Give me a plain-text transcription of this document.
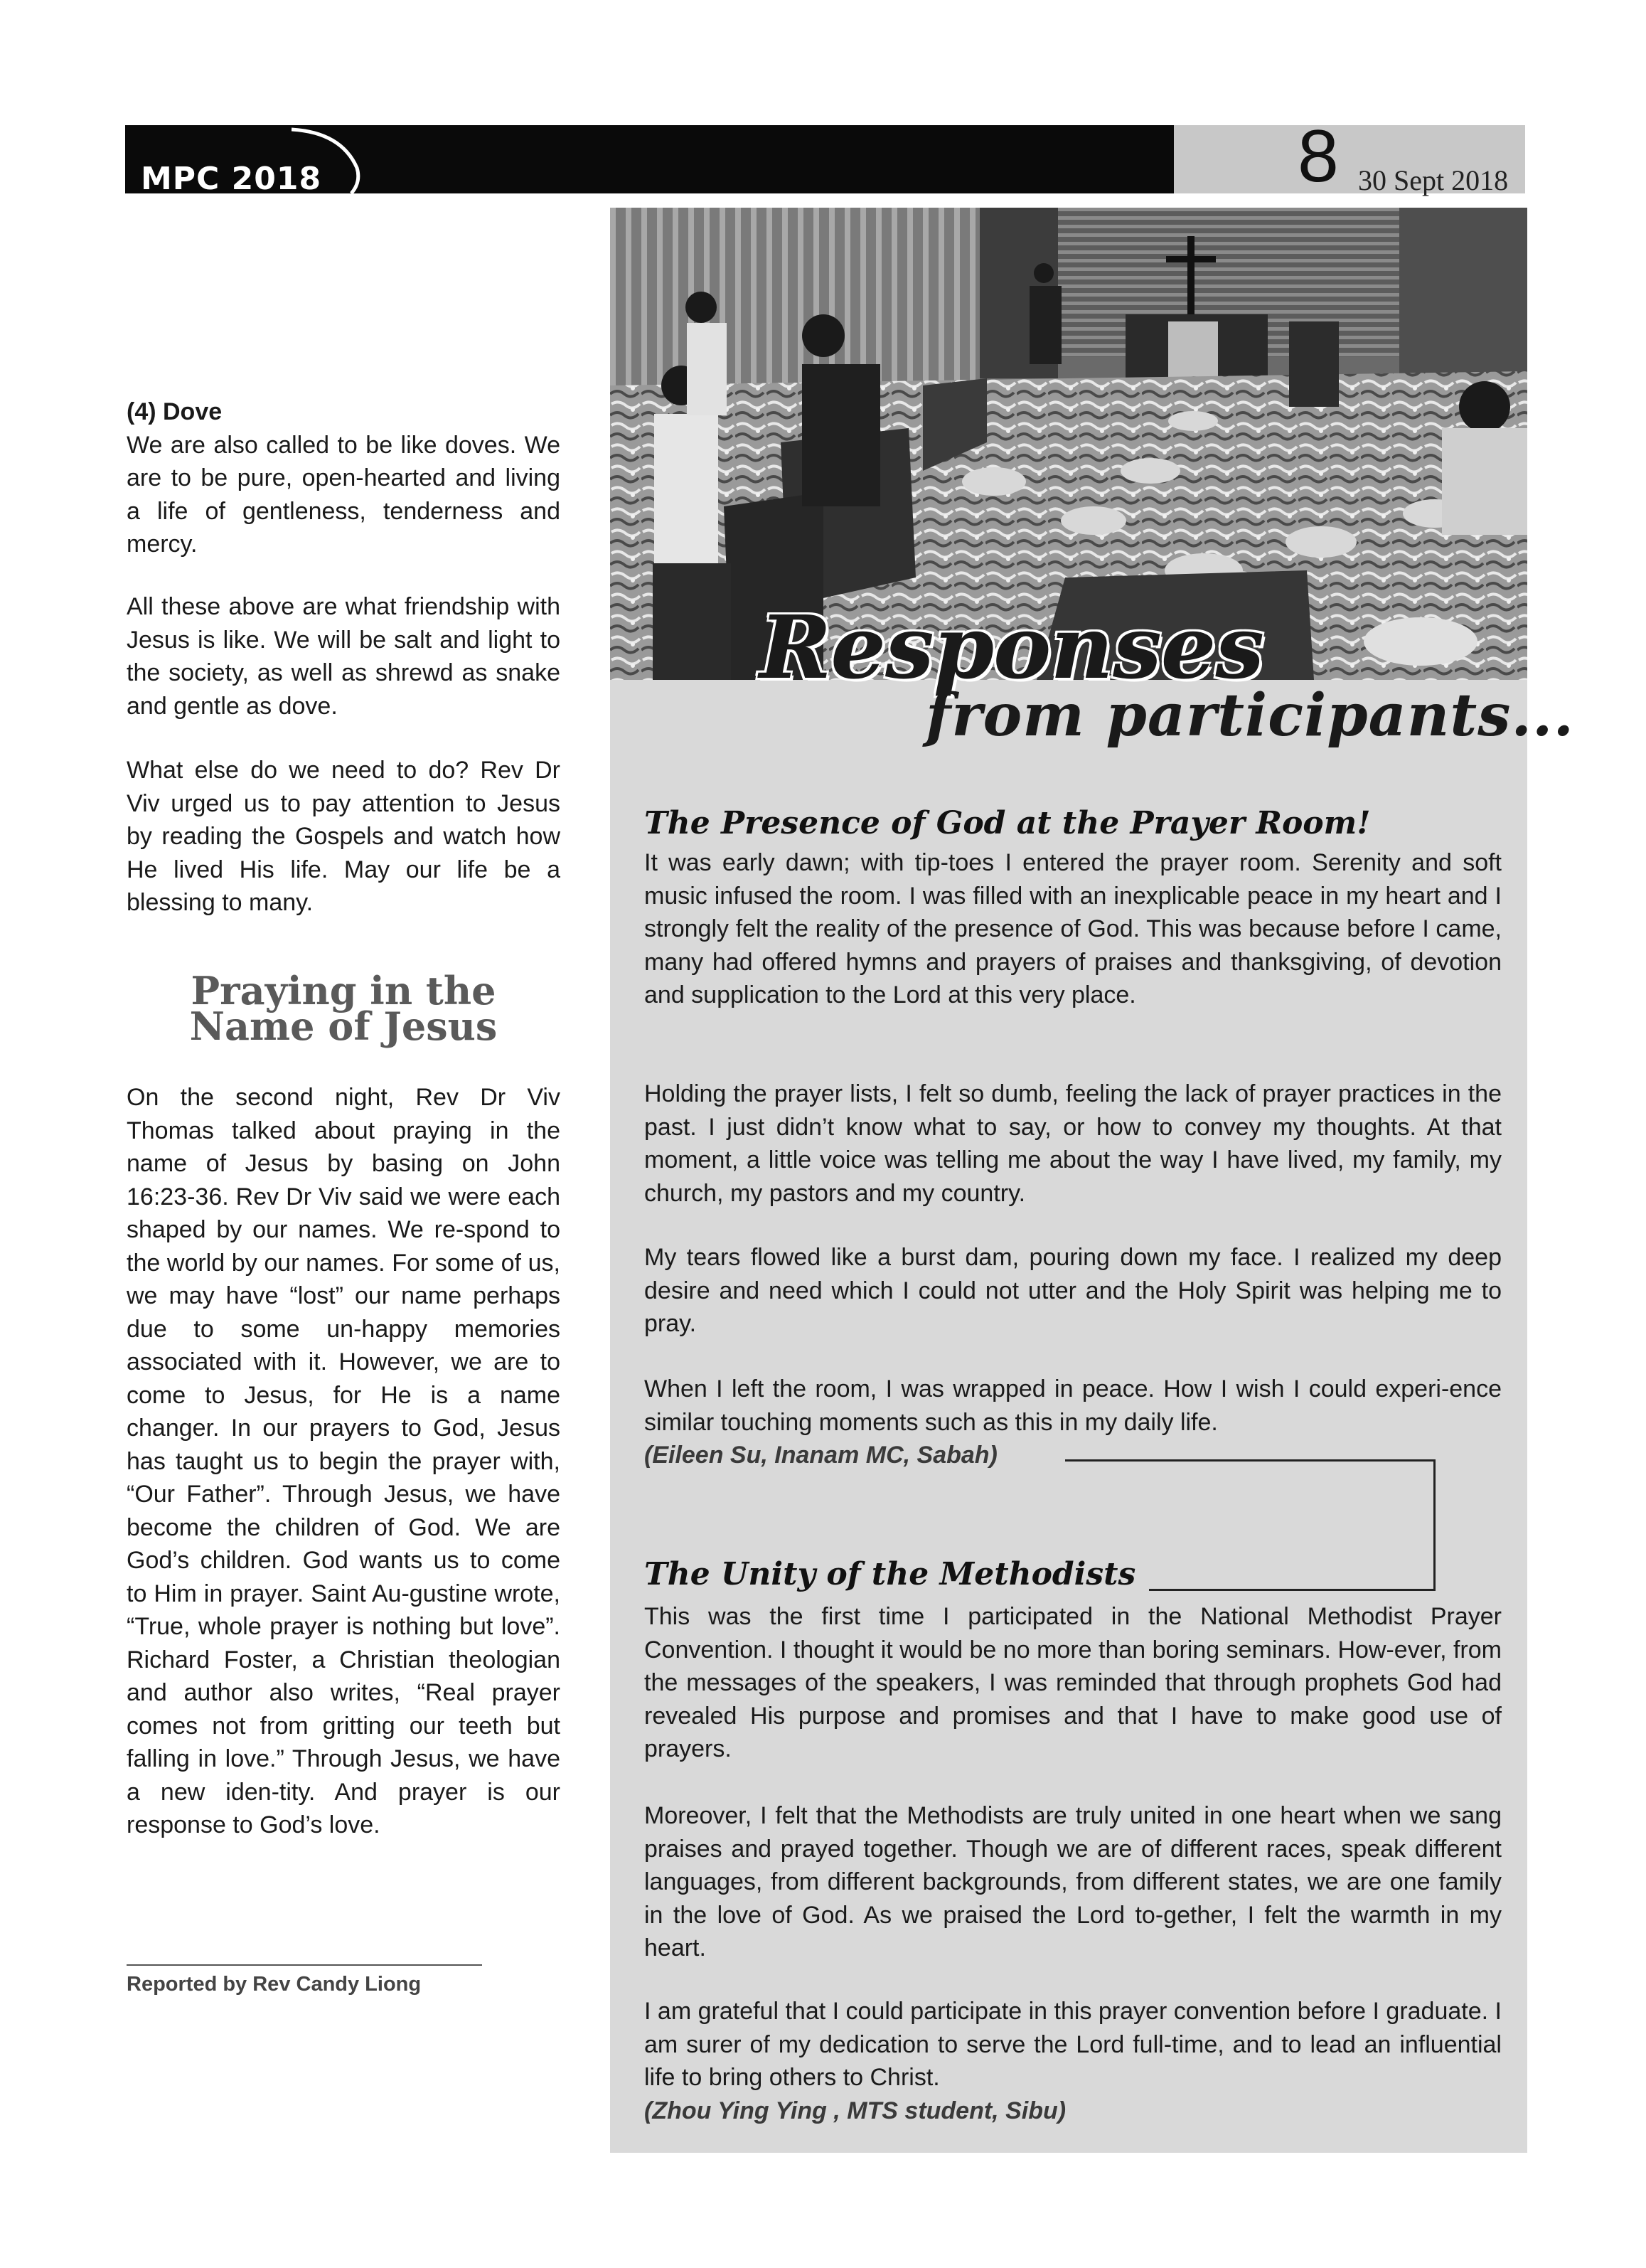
MPC 2018	8 30 Sept 2018

(4) Dove

We are also called to be like doves. We are to be pure, open-hearted and living a life of gentleness, tenderness and mercy.

All these above are what friendship with Jesus is like. We will be salt and light to the society, as well as shrewd as snake and gentle as dove.

What else do we need to do? Rev Dr Viv urged us to pay attention to Jesus by reading the Gospels and watch how He lived His life. May our life be a blessing to many.

Praying in the
Name of Jesus

On the second night, Rev Dr Viv Thomas talked about praying in the name of Jesus by basing on John 16:23-36. Rev Dr Viv said we were each shaped by our names. We re-spond to the world by our names. For some of us, we may have “lost” our name perhaps due to some un-happy memories associated with it. However, we are to come to Jesus, for He is a name changer. In our prayers to God, Jesus has taught us to begin the prayer with, “Our Father”. Through Jesus, we have become the children of God. We are God’s children. God wants us to come to Him in prayer. Saint Au-gustine wrote, “True, whole prayer is nothing but love”. Richard Foster, a Christian theologian and author also writes, “Real prayer comes not from gritting our teeth but falling in love.” Through Jesus, we have a new iden-tity. And prayer is our response to God’s love.

Reported by Rev Candy Liong
Responses
from participants...
The Presence of God at the Prayer Room!

It was early dawn; with tip-toes I entered the prayer room. Serenity and soft music infused the room. I was filled with an inexplicable peace in my heart and I strongly felt the reality of the presence of God. This was because before I came, many had offered hymns and prayers of praises and thanksgiving, of devotion and supplication to the Lord at this very place.

Holding the prayer lists, I felt so dumb, feeling the lack of prayer practices in the past. I just didn’t know what to say, or how to convey my thoughts. At that moment, a little voice was telling me about the way I have lived, my family, my church, my pastors and my country.

My tears flowed like a burst dam, pouring down my face. I realized my deep desire and need which I could not utter and the Holy Spirit was helping me to pray.

When I left the room, I was wrapped in peace. How I wish I could experi-ence similar touching moments such as this in my daily life.

(Eileen Su, Inanam MC, Sabah)

The Unity of the Methodists

This was the first time I participated in the National Methodist Prayer Convention. I thought it would be no more than boring seminars. How-ever, from the messages of the speakers, I was reminded that through prophets God had revealed His purpose and promises and that I have to make good use of prayers.

Moreover, I felt that the Methodists are truly united in one heart when we sang praises and prayed together. Though we are of different races, speak different languages, from different backgrounds, from different states, we are one family in the love of God. As we praised the Lord to-gether, I felt the warmth in my heart.

I am grateful that I could participate in this prayer convention before I graduate. I am surer of my dedication to serve the Lord full-time, and to lead an influential life to bring others to Christ.

(Zhou Ying Ying , MTS student, Sibu)
